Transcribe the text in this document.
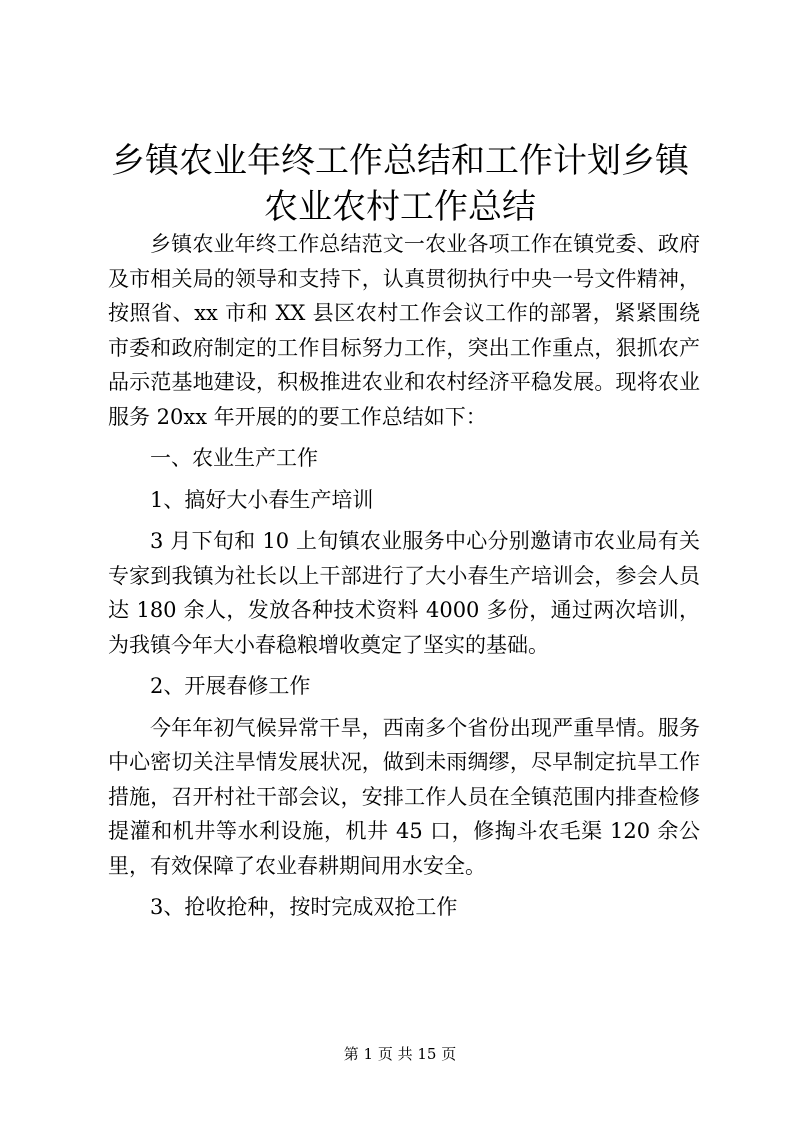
乡镇农业年终工作总结和工作计划乡镇农业农村工作总结

乡镇农业年终工作总结范文一农业各项工作在镇党委、政府及市相关局的领导和支持下，认真贯彻执行中央一号文件精神，按照省、xx 市和 XX 县区农村工作会议工作的部署，紧紧围绕市委和政府制定的工作目标努力工作，突出工作重点，狠抓农产品示范基地建设，积极推进农业和农村经济平稳发展。现将农业服务 20xx 年开展的的要工作总结如下：

一、农业生产工作

1、搞好大小春生产培训

3 月下旬和 10 上旬镇农业服务中心分别邀请市农业局有关专家到我镇为社长以上干部进行了大小春生产培训会，参会人员达 180 余人，发放各种技术资料 4000 多份，通过两次培训，为我镇今年大小春稳粮增收奠定了坚实的基础。

2、开展春修工作

今年年初气候异常干旱，西南多个省份出现严重旱情。服务中心密切关注旱情发展状况，做到未雨绸缪，尽早制定抗旱工作措施，召开村社干部会议，安排工作人员在全镇范围内排查检修提灌和机井等水利设施，机井 45 口，修掏斗农毛渠 120 余公里，有效保障了农业春耕期间用水安全。

3、抢收抢种，按时完成双抢工作

第 1 页 共 15 页
